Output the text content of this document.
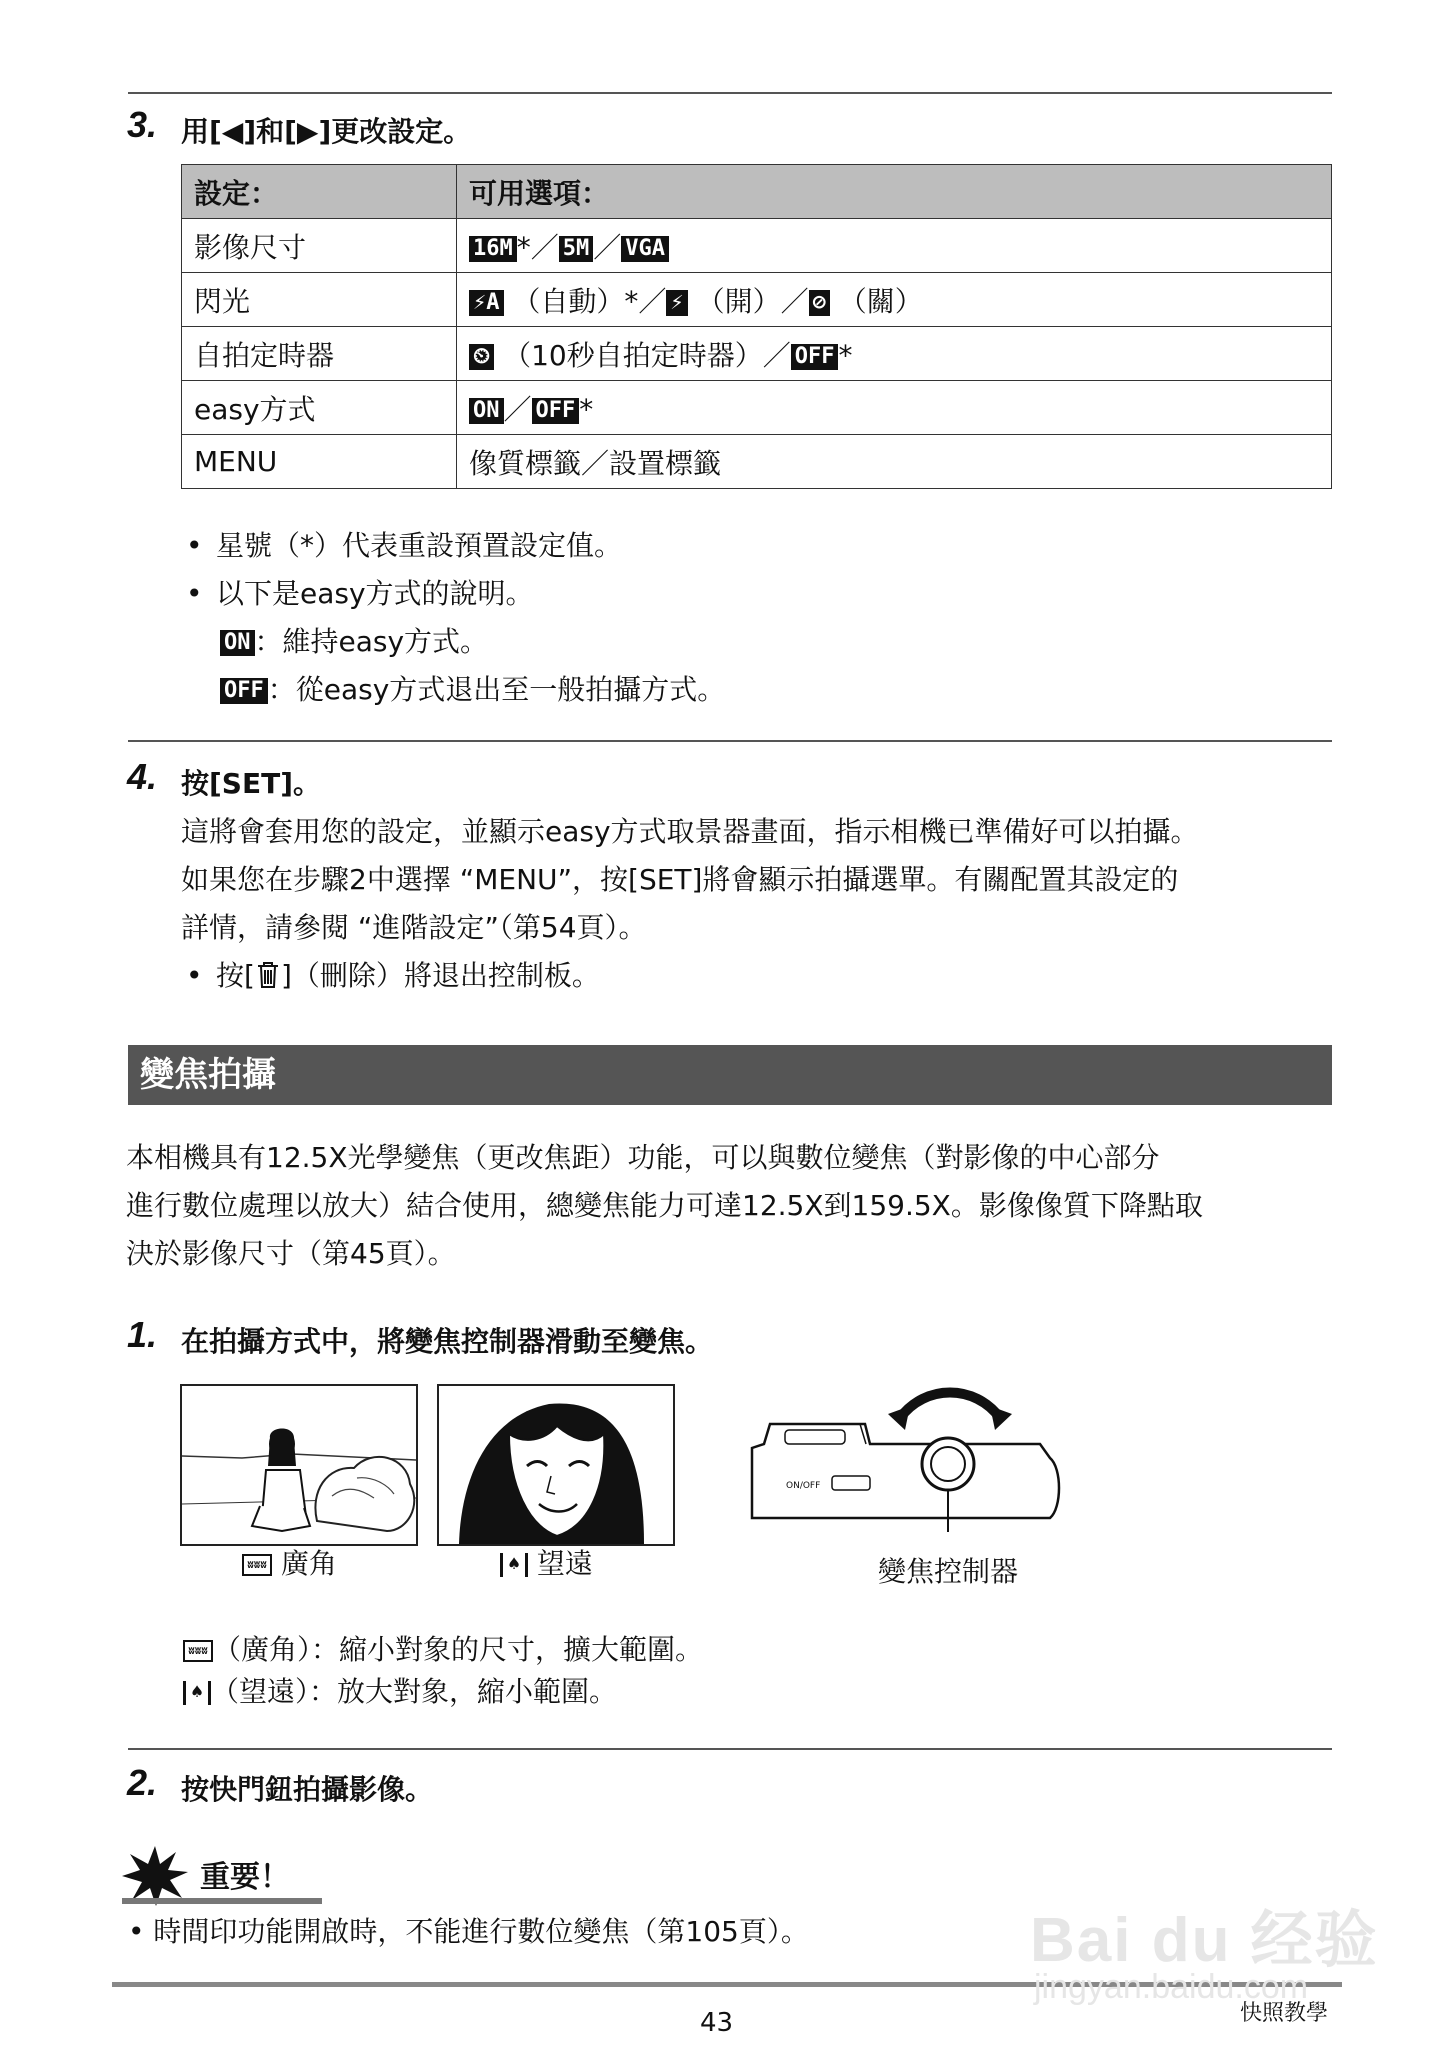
3. 用[◀]和[▶]更改設定。
設定：	可用選項：
影像尺寸	16M *／ 5M ／ VGA
閃光	⚡A （自動）*／ ⚡ （開）／ ⊘ （關）
自拍定時器	⏲ （10秒自拍定時器）／ OFF *
easy方式	ON ／ OFF *
MENU	像質標籤／設置標籤
• 星號（*）代表重設預置設定值。
• 以下是easy方式的說明。
ON ：維持easy方式。
OFF ：從easy方式退出至一般拍攝方式。
4. 按[SET]。
這將會套用您的設定，並顯示easy方式取景器畫面，指示相機已準備好可以拍攝。
如果您在步驟2中選擇 “MENU”，按[SET]將會顯示拍攝選單。有關配置其設定的
詳情，請參閱 “進階設定”（第54頁）。
• 按[ ]（刪除）將退出控制板。
變焦拍攝
本相機具有12.5X光學變焦（更改焦距）功能，可以與數位變焦（對影像的中心部分
進行數位處理以放大）結合使用，總變焦能力可達12.5X到159.5X。影像像質下降點取
決於影像尺寸（第45頁）。
1. 在拍攝方式中，將變焦控制器滑動至變焦。
ON/OFF
ʬʬʬ 廣角	♠ 望遠	變焦控制器
ʬʬʬ （廣角）：縮小對象的尺寸，擴大範圍。
♠ （望遠）：放大對象，縮小範圍。
2. 按快門鈕拍攝影像。
重要！
• 時間印功能開啟時，不能進行數位變焦（第105頁）。
43	快照教學
Bai du 经验
jingyan.baidu.com
